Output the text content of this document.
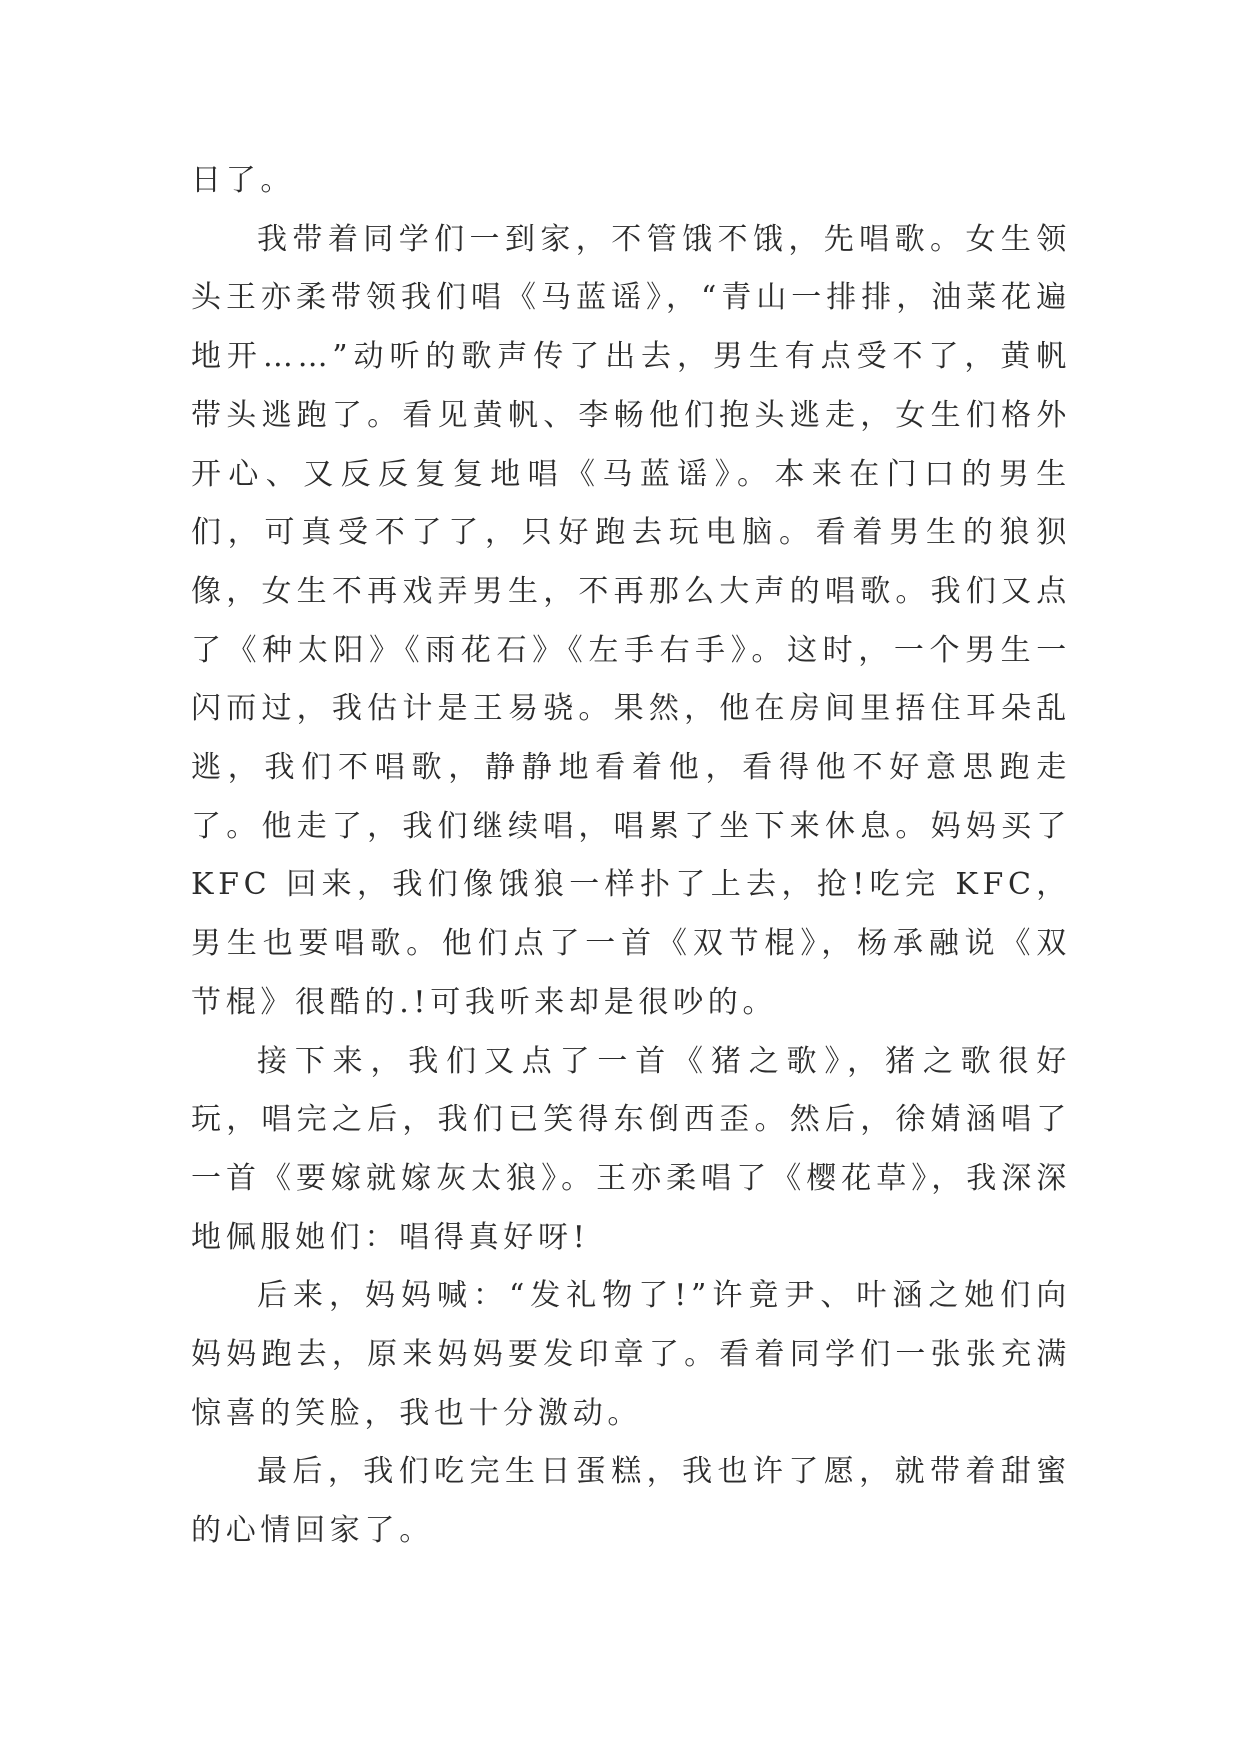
日了。

我带着同学们一到家，不管饿不饿，先唱歌。女生领头王亦柔带领我们唱《马蓝谣》，“青山一排排，油菜花遍地开……”动听的歌声传了出去，男生有点受不了，黄帆带头逃跑了。看见黄帆、李畅他们抱头逃走，女生们格外开心、又反反复复地唱《马蓝谣》。本来在门口的男生们，可真受不了了，只好跑去玩电脑。看着男生的狼狈像，女生不再戏弄男生，不再那么大声的唱歌。我们又点了《种太阳》《雨花石》《左手右手》。这时，一个男生一闪而过，我估计是王易骁。果然，他在房间里捂住耳朵乱逃，我们不唱歌，静静地看着他，看得他不好意思跑走了。他走了，我们继续唱，唱累了坐下来休息。妈妈买了 KFC 回来，我们像饿狼一样扑了上去，抢!吃完 KFC，男生也要唱歌。他们点了一首《双节棍》，杨承融说《双节棍》很酷的.!可我听来却是很吵的。

接下来，我们又点了一首《猪之歌》，猪之歌很好玩，唱完之后，我们已笑得东倒西歪。然后，徐婧涵唱了一首《要嫁就嫁灰太狼》。王亦柔唱了《樱花草》，我深深地佩服她们：唱得真好呀!

后来，妈妈喊：“发礼物了!”许竟尹、叶涵之她们向妈妈跑去，原来妈妈要发印章了。看着同学们一张张充满惊喜的笑脸，我也十分激动。

最后，我们吃完生日蛋糕，我也许了愿，就带着甜蜜的心情回家了。
